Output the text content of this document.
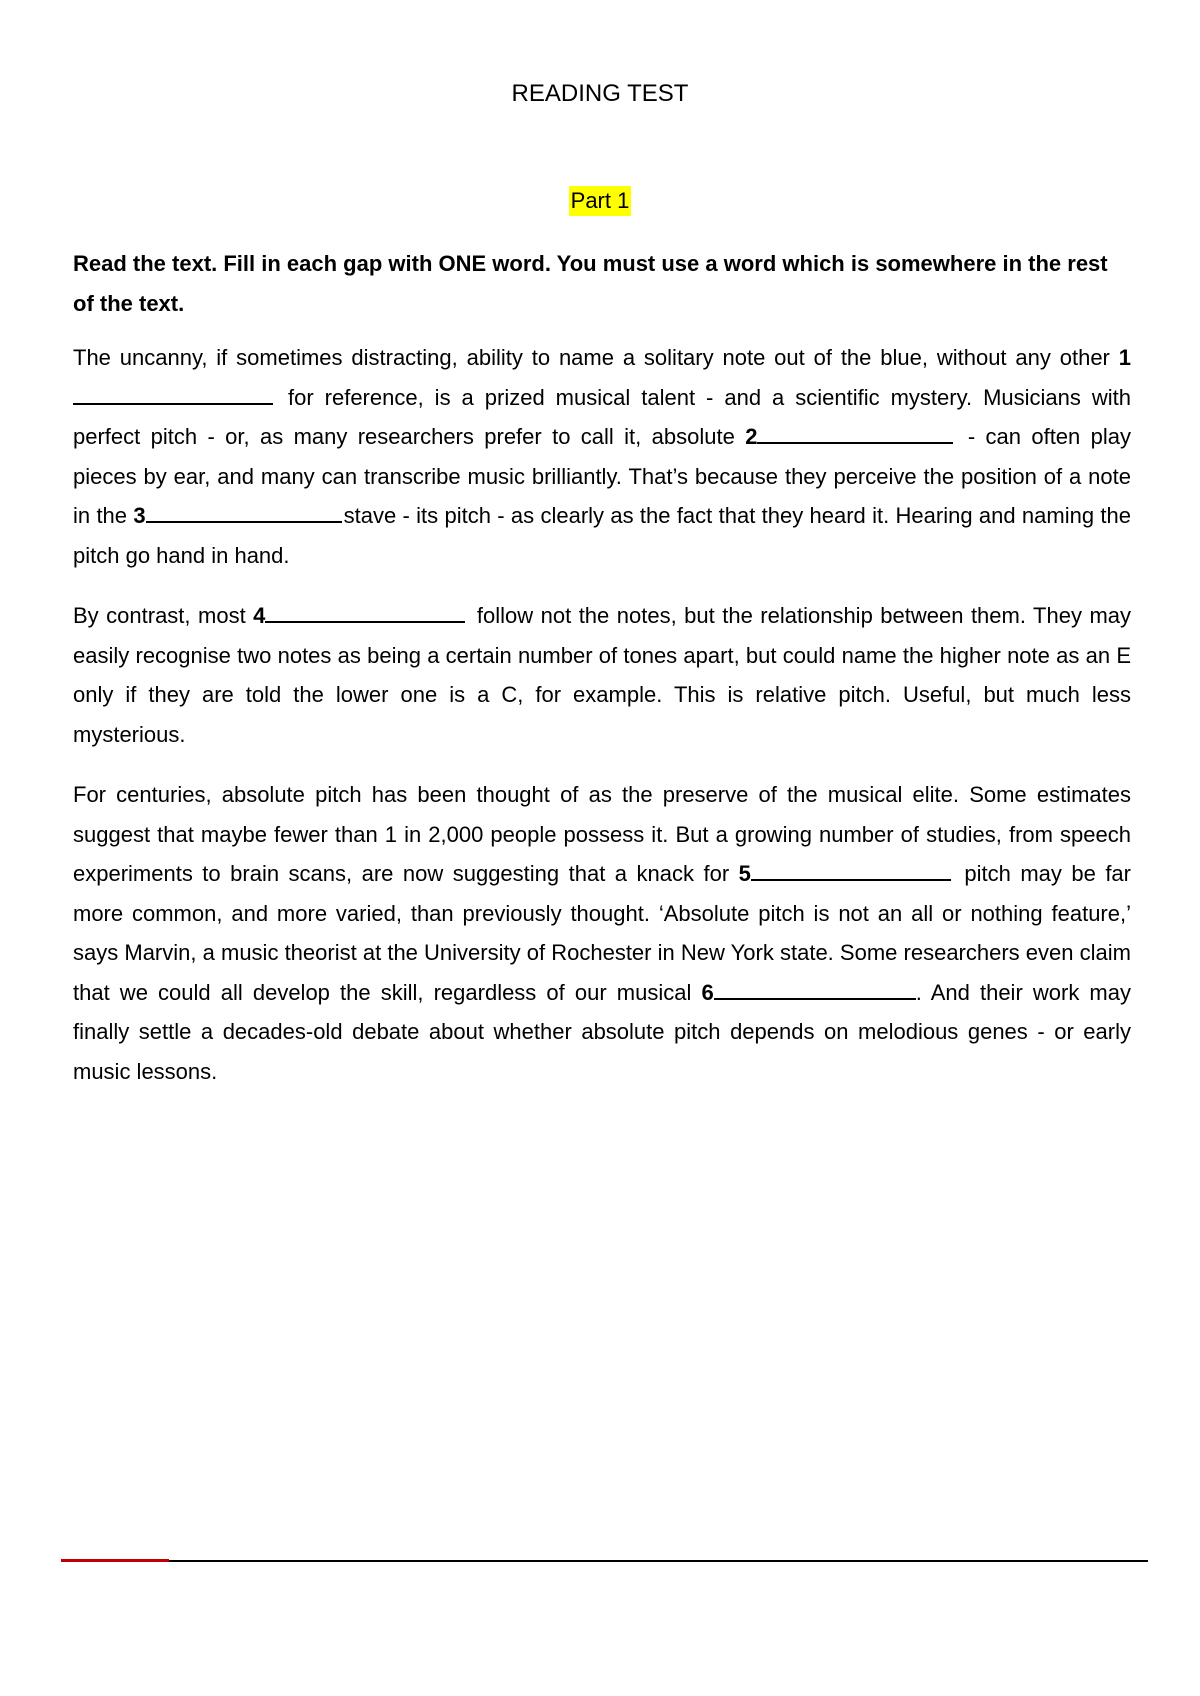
READING TEST
Part 1

Read the text. Fill in each gap with ONE word. You must use a word which is somewhere in the rest of the text.

The uncanny, if sometimes distracting, ability to name a solitary note out of the blue, without any other 1 for reference, is a prized musical talent - and a scientific mystery. Musicians with perfect pitch - or, as many researchers prefer to call it, absolute 2	- can often play pieces by ear, and many can transcribe music brilliantly. That’s because they perceive the position of a note in the 3	stave - its pitch - as clearly as the fact that they heard it. Hearing and naming the pitch go hand in hand.

By contrast, most 4	follow not the notes, but the relationship between them. They may easily recognise two notes as being a certain number of tones apart, but could name the higher note as an E only if they are told the lower one is a C, for example. This is relative pitch. Useful, but much less mysterious.

For centuries, absolute pitch has been thought of as the preserve of the musical elite. Some estimates suggest that maybe fewer than 1 in 2,000 people possess it. But a growing number of studies, from speech experiments to brain scans, are now suggesting that a knack for 5	pitch may be far more common, and more varied, than previously thought. ‘Absolute pitch is not an all or nothing feature,’ says Marvin, a music theorist at the University of Rochester in New York state. Some researchers even claim that we could all develop the skill, regardless of our musical 6	. And their work may finally settle a decades-old debate about whether absolute pitch depends on melodious genes - or early music lessons.
